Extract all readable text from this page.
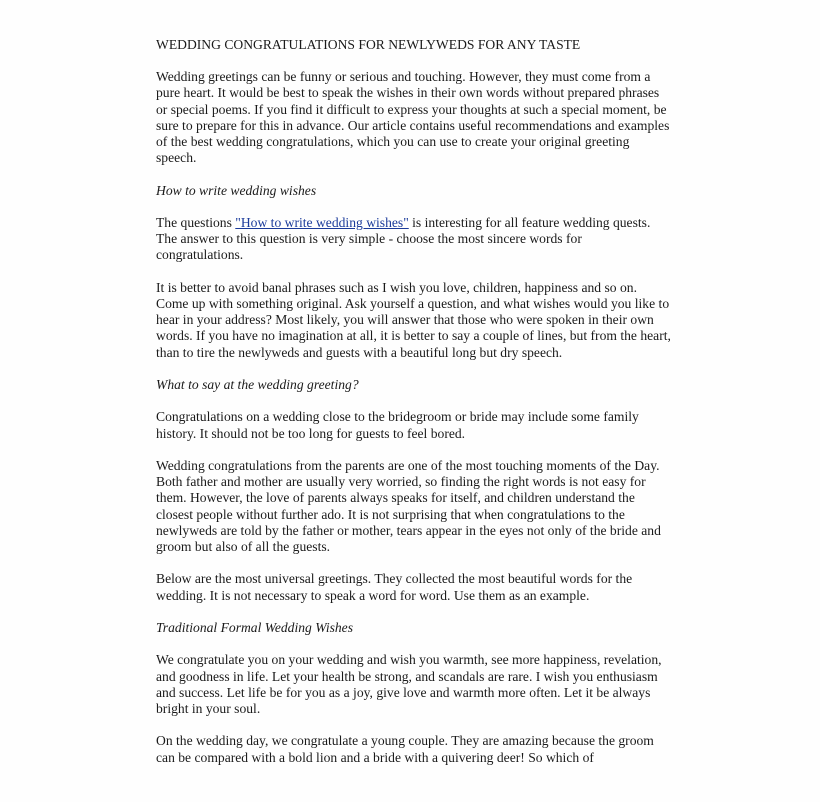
WEDDING CONGRATULATIONS FOR NEWLYWEDS FOR ANY TASTE

Wedding greetings can be funny or serious and touching. However, they must come from a pure heart. It would be best to speak the wishes in their own words without prepared phrases or special poems. If you find it difficult to express your thoughts at such a special moment, be sure to prepare for this in advance. Our article contains useful recommendations and examples of the best wedding congratulations, which you can use to create your original greeting speech.

How to write wedding wishes

The questions "How to write wedding wishes" is interesting for all feature wedding quests. The answer to this question is very simple - choose the most sincere words for congratulations.

It is better to avoid banal phrases such as I wish you love, children, happiness and so on. Come up with something original. Ask yourself a question, and what wishes would you like to hear in your address? Most likely, you will answer that those who were spoken in their own words. If you have no imagination at all, it is better to say a couple of lines, but from the heart, than to tire the newlyweds and guests with a beautiful long but dry speech.

What to say at the wedding greeting?

Congratulations on a wedding close to the bridegroom or bride may include some family history. It should not be too long for guests to feel bored.

Wedding congratulations from the parents are one of the most touching moments of the Day. Both father and mother are usually very worried, so finding the right words is not easy for them. However, the love of parents always speaks for itself, and children understand the closest people without further ado. It is not surprising that when congratulations to the newlyweds are told by the father or mother, tears appear in the eyes not only of the bride and groom but also of all the guests.

Below are the most universal greetings. They collected the most beautiful words for the wedding. It is not necessary to speak a word for word. Use them as an example.

Traditional Formal Wedding Wishes

We congratulate you on your wedding and wish you warmth, see more happiness, revelation, and goodness in life. Let your health be strong, and scandals are rare. I wish you enthusiasm and success. Let life be for you as a joy, give love and warmth more often. Let it be always bright in your soul.

On the wedding day, we congratulate a young couple. They are amazing because the groom can be compared with a bold lion and a bride with a quivering deer! So which of
